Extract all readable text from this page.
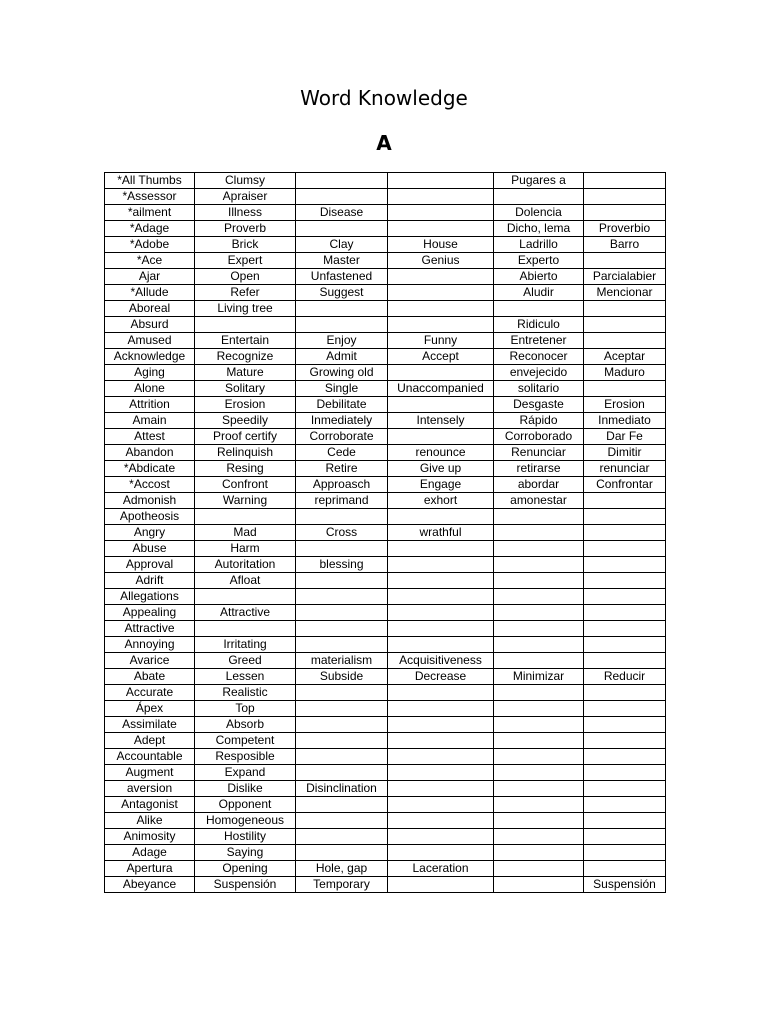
Word Knowledge
A
*All Thumbs	Clumsy			Pugares a	
*Assessor	Apraiser				
*ailment	Illness	Disease		Dolencia	
*Adage	Proverb			Dicho, lema	Proverbio
*Adobe	Brick	Clay	House	Ladrillo	Barro
*Ace	Expert	Master	Genius	Experto	
Ajar	Open	Unfastened		Abierto	Parcialabier
*Allude	Refer	Suggest		Aludir	Mencionar
Aboreal	Living tree				
Absurd				Ridiculo	
Amused	Entertain	Enjoy	Funny	Entretener	
Acknowledge	Recognize	Admit	Accept	Reconocer	Aceptar
Aging	Mature	Growing old		envejecido	Maduro
Alone	Solitary	Single	Unaccompanied	solitario	
Attrition	Erosion	Debilitate		Desgaste	Erosion
Amain	Speedily	Inmediately	Intensely	Rápido	Inmediato
Attest	Proof certify	Corroborate		Corroborado	Dar Fe
Abandon	Relinquish	Cede	renounce	Renunciar	Dimitir
*Abdicate	Resing	Retire	Give up	retirarse	renunciar
*Accost	Confront	Approasch	Engage	abordar	Confrontar
Admonish	Warning	reprimand	exhort	amonestar	
Apotheosis					
Angry	Mad	Cross	wrathful		
Abuse	Harm				
Approval	Autoritation	blessing			
Adrift	Afloat				
Allegations					
Appealing	Attractive				
Attractive					
Annoying	Irritating				
Avarice	Greed	materialism	Acquisitiveness		
Abate	Lessen	Subside	Decrease	Minimizar	Reducir
Accurate	Realistic				
Ápex	Top				
Assimilate	Absorb				
Adept	Competent				
Accountable	Resposible				
Augment	Expand				
aversion	Dislike	Disinclination			
Antagonist	Opponent				
Alike	Homogeneous				
Animosity	Hostility				
Adage	Saying				
Apertura	Opening	Hole, gap	Laceration		
Abeyance	Suspensión	Temporary			Suspensión
